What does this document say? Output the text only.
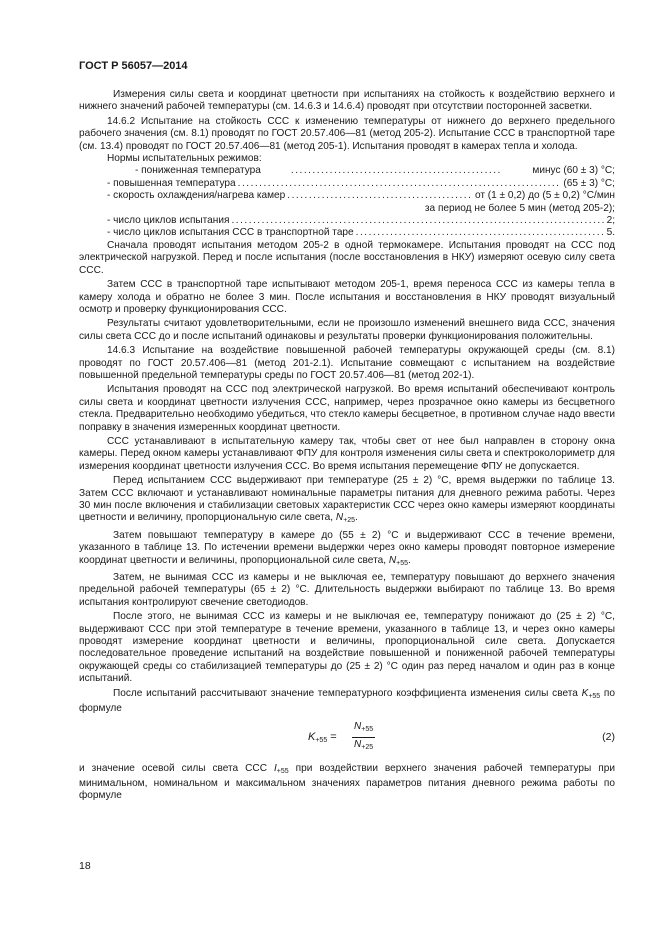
ГОСТ Р 56057—2014

Измерения силы света и координат цветности при испытаниях на стойкость к воздействию верхнего и нижнего значений рабочей температуры (см. 14.6.3 и 14.6.4) проводят при отсутствии посторонней засветки.

14.6.2 Испытание на стойкость ССС к изменению температуры от нижнего до верхнего предельного рабочего значения (см. 8.1) проводят по ГОСТ 20.57.406—81 (метод 205-2). Испытание ССС в транспортной таре (см. 13.4) проводят по ГОСТ 20.57.406—81 (метод 205-1). Испытания проводят в камерах тепла и холода.

Нормы испытательных режимов:

- пониженная температура .....	минус (60 ± 3) °С;
- повышенная температура .....	(65 ± 3) °С;
- скорость охлаждения/нагрева камер .....	от (1 ± 0,2) до (5 ± 0,2) °С/мин

за период не более 5 мин (метод 205-2);

- число циклов испытания .....	2;
- число циклов испытания ССС в транспортной таре .....	5.

Сначала проводят испытания методом 205-2 в одной термокамере. Испытания проводят на ССС под электрической нагрузкой. Перед и после испытания (после восстановления в НКУ) измеряют осевую силу света ССС.

Затем ССС в транспортной таре испытывают методом 205-1, время переноса ССС из камеры тепла в камеру холода и обратно не более 3 мин. После испытания и восстановления в НКУ проводят визуальный осмотр и проверку функционирования ССС.

Результаты считают удовлетворительными, если не произошло изменений внешнего вида ССС, значения силы света ССС до и после испытаний одинаковы и результаты проверки функционирования положительны.

14.6.3 Испытание на воздействие повышенной рабочей температуры окружающей среды (см. 8.1) проводят по ГОСТ 20.57.406—81 (метод 201-2.1). Испытание совмещают с испытанием на воздействие повышенной предельной температуры среды по ГОСТ 20.57.406—81 (метод 202-1).

Испытания проводят на ССС под электрической нагрузкой. Во время испытаний обеспечивают контроль силы света и координат цветности излучения ССС, например, через прозрачное окно камеры из бесцветного стекла. Предварительно необходимо убедиться, что стекло камеры бесцветное, в противном случае надо ввести поправку в значения измеренных координат цветности.

ССС устанавливают в испытательную камеру так, чтобы свет от нее был направлен в сторону окна камеры. Перед окном камеры устанавливают ФПУ для контроля изменения силы света и спектроколориметр для измерения координат цветности излучения ССС. Во время испытания перемещение ФПУ не допускается.

Перед испытанием ССС выдерживают при температуре (25 ± 2) °С, время выдержки по таблице 13. Затем ССС включают и устанавливают номинальные параметры питания для дневного режима работы. Через 30 мин после включения и стабилизации световых характеристик ССС через окно камеры измеряют координаты цветности и величину, пропорциональную силе света, $N_{+25}$.

Затем повышают температуру в камере до (55 ± 2) °С и выдерживают ССС в течение времени, указанного в таблице 13. По истечении времени выдержки через окно камеры проводят повторное измерение координат цветности и величины, пропорциональной силе света, $N_{+55}$.

Затем, не вынимая ССС из камеры и не выключая ее, температуру повышают до верхнего значения предельной рабочей температуры (65 ± 2) °С. Длительность выдержки выбирают по таблице 13. Во время испытания контролируют свечение светодиодов.

После этого, не вынимая ССС из камеры и не выключая ее, температуру понижают до (25 ± 2) °С, выдерживают ССС при этой температуре в течение времени, указанного в таблице 13, и через окно камеры проводят измерение координат цветности и величины, пропорциональной силе света. Допускается последовательное проведение испытаний на воздействие повышенной и пониженной рабочей температуры окружающей среды со стабилизацией температуры до (25 ± 2) °С один раз перед началом и один раз в конце испытаний.

После испытаний рассчитывают значение температурного коэффициента изменения силы света $K_{+55}$ по формуле

$K_{+55} = \frac{N_{+55}}{N_{+25}}$	(2)

и значение осевой силы света ССС $I_{+55}$ при воздействии верхнего значения рабочей температуры при минимальном, номинальном и максимальном значениях параметров питания дневного режима работы по формуле

18
